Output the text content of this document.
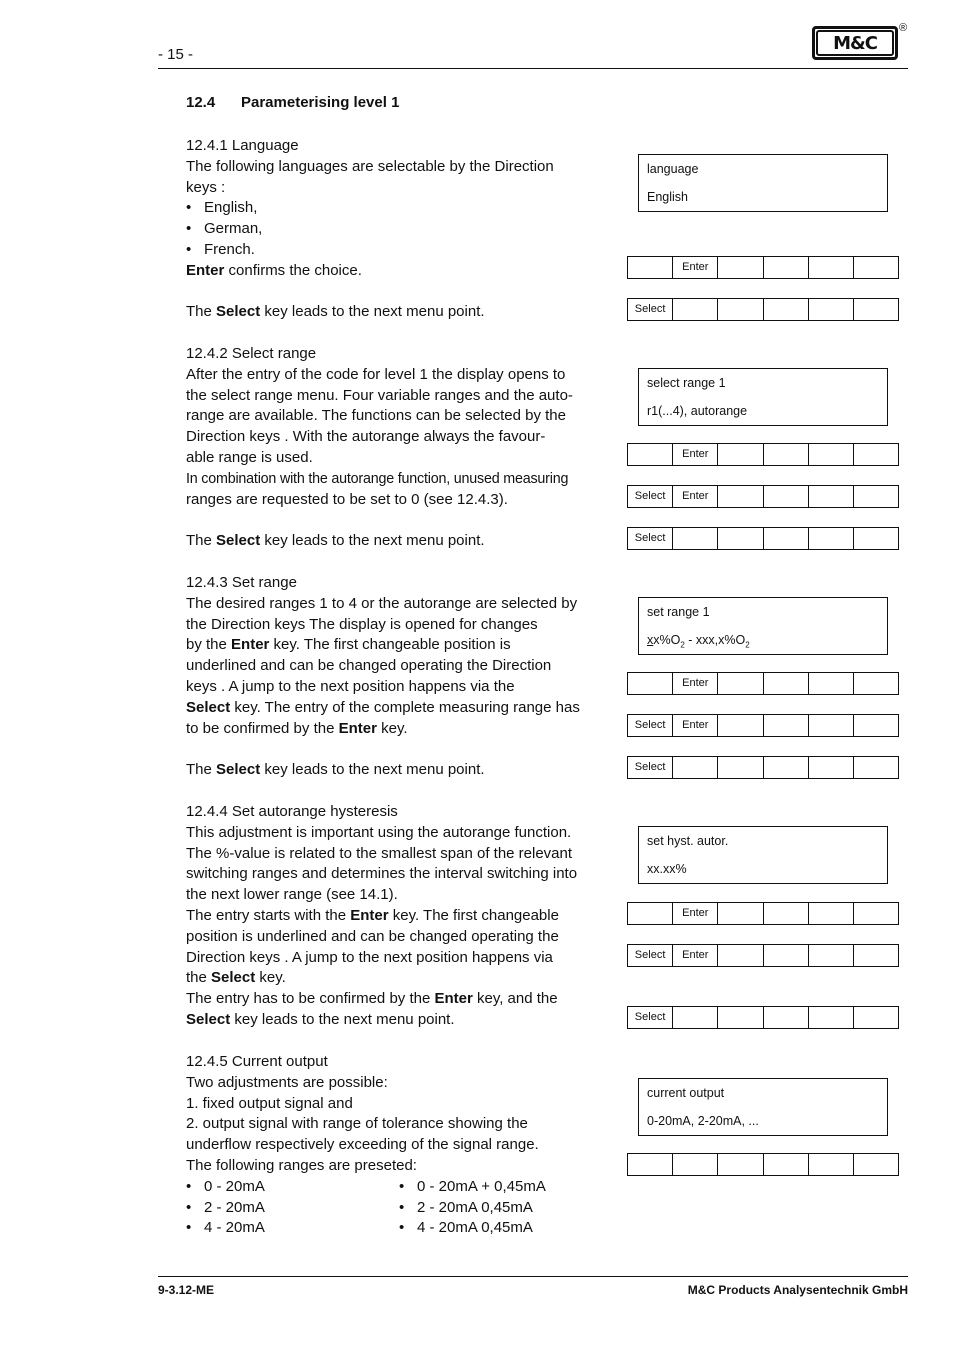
- 15 -
M&C
®
12.4 Parameterising level 1

12.4.1 Language

The following languages are selectable by the Direction

keys :

• English,

• German,

• French.

Enter confirms the choice.

The Select key leads to the next menu point.

12.4.2 Select range

After the entry of the code for level 1 the display opens to

the select range menu. Four variable ranges and the auto-

range are available. The functions can be selected by the

Direction keys . With the autorange always the favour-

able range is used.

In combination with the autorange function, unused measuring

ranges are requested to be set to 0 (see 12.4.3).

The Select key leads to the next menu point.

12.4.3 Set range

The desired ranges 1 to 4 or the autorange are selected by

the Direction keys The display is opened for changes

by the Enter key. The first changeable position is

underlined and can be changed operating the Direction

keys . A jump to the next position happens via the

Select key. The entry of the complete measuring range has

to be confirmed by the Enter key.

The Select key leads to the next menu point.

12.4.4 Set autorange hysteresis

This adjustment is important using the autorange function.

The %-value is related to the smallest span of the relevant

switching ranges and determines the interval switching into

the next lower range (see 14.1).

The entry starts with the Enter key. The first changeable

position is underlined and can be changed operating the

Direction keys . A jump to the next position happens via

the Select key.

The entry has to be confirmed by the Enter key, and the

Select key leads to the next menu point.

12.4.5 Current output

Two adjustments are possible:

1. fixed output signal and

2. output signal with range of tolerance showing the

underflow respectively exceeding of the signal range.

The following ranges are preseted:

• 0 - 20mA	• 0 - 20mA + 0,45mA

• 2 - 20mA	• 2 - 20mA 0,45mA

• 4 - 20mA	• 4 - 20mA 0,45mA

language
English
Enter
Select
select range 1
r1(...4), autorange
Enter
Select	Enter
Select
set range 1
$xx\%O_2 - xxx,x\%O_2$
Enter
Select	Enter
Select
set hyst. autor.
xx.xx%
Enter
Select	Enter
Select
current output
0-20mA, 2-20mA, ...
9-3.12-ME	M&C Products Analysentechnik GmbH
